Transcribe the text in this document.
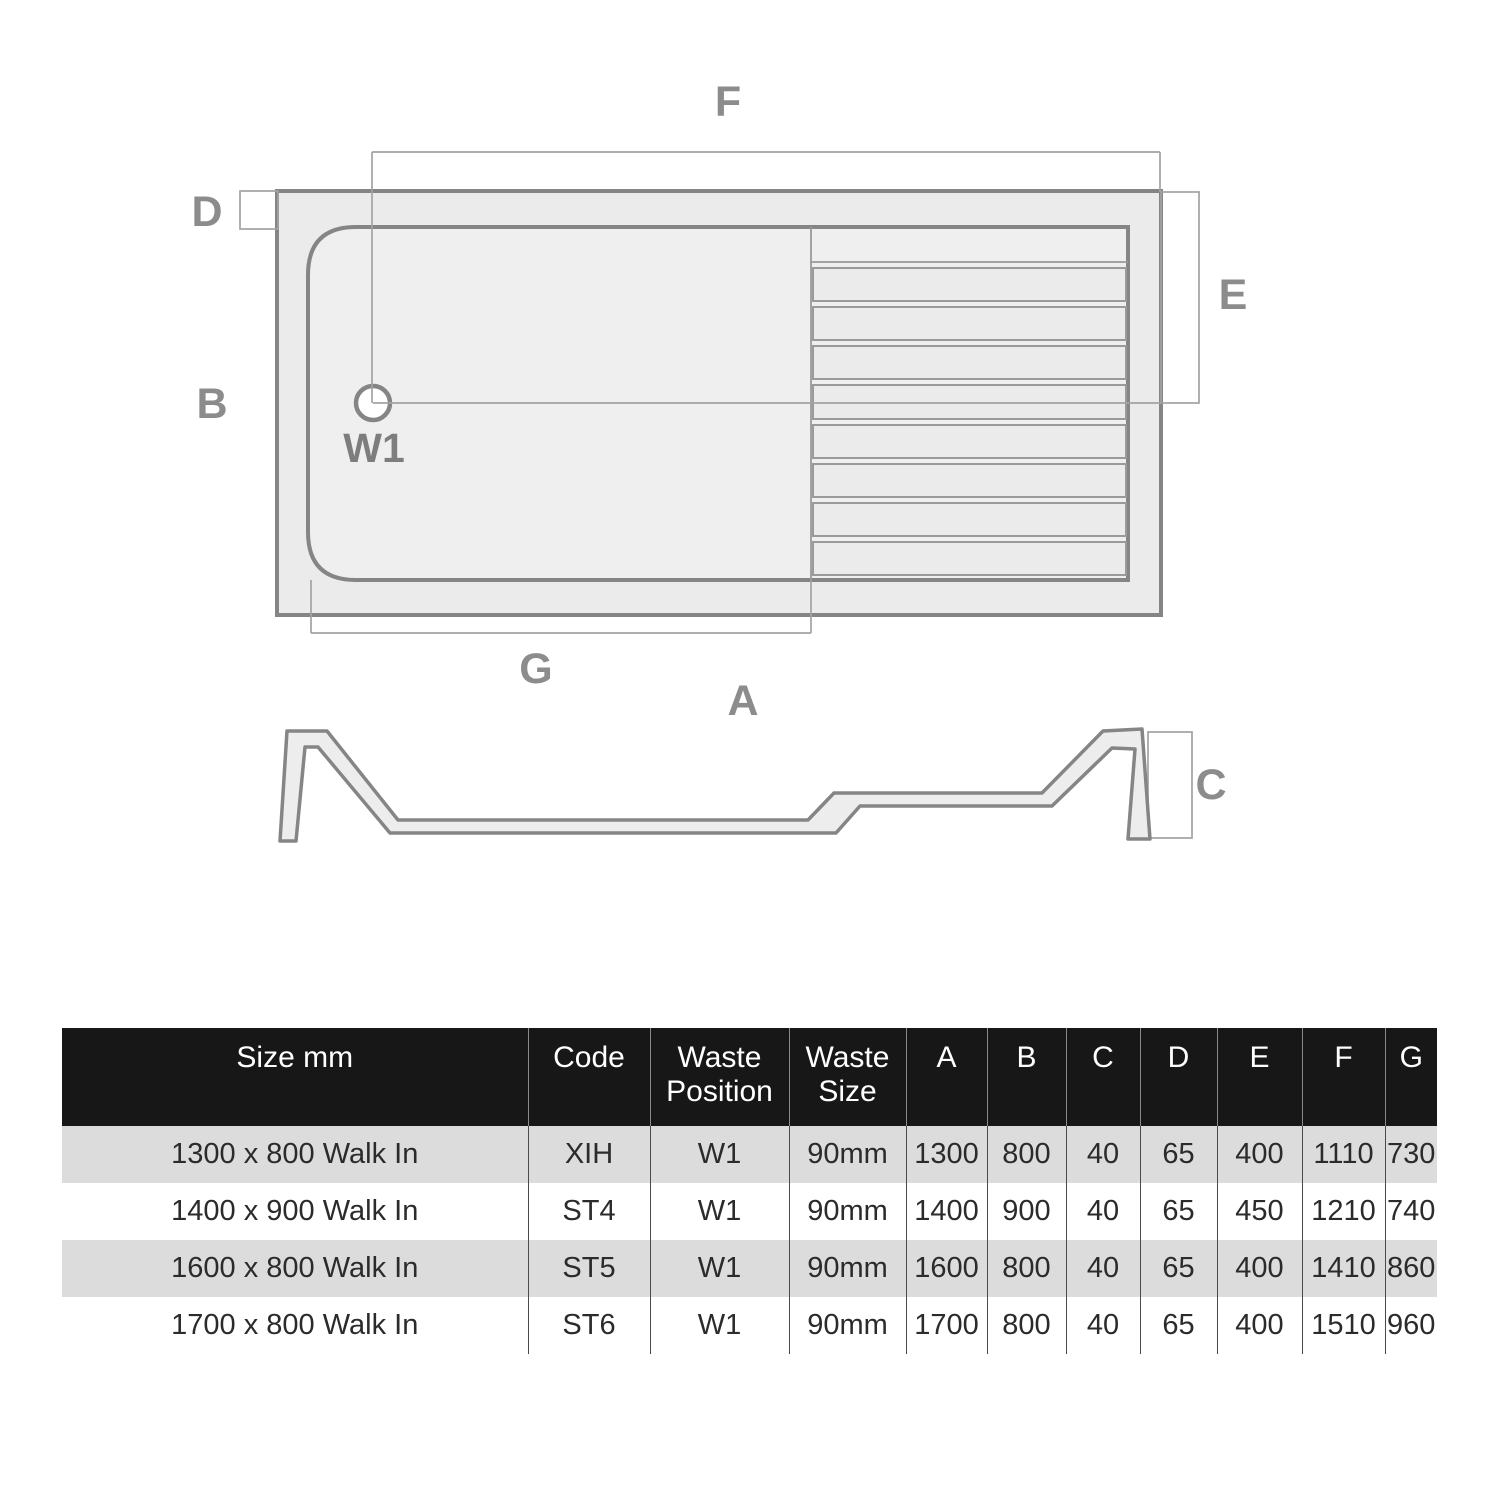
F
D
E
B
W1
G
A
C
Size mm	Code	Waste Position	Waste Size	A	B	C	D	E	F	G
1300 x 800 Walk In	XIH	W1	90mm	1300	800	40	65	400	1110	730
1400 x 900 Walk In	ST4	W1	90mm	1400	900	40	65	450	1210	740
1600 x 800 Walk In	ST5	W1	90mm	1600	800	40	65	400	1410	860
1700 x 800 Walk In	ST6	W1	90mm	1700	800	40	65	400	1510	960
